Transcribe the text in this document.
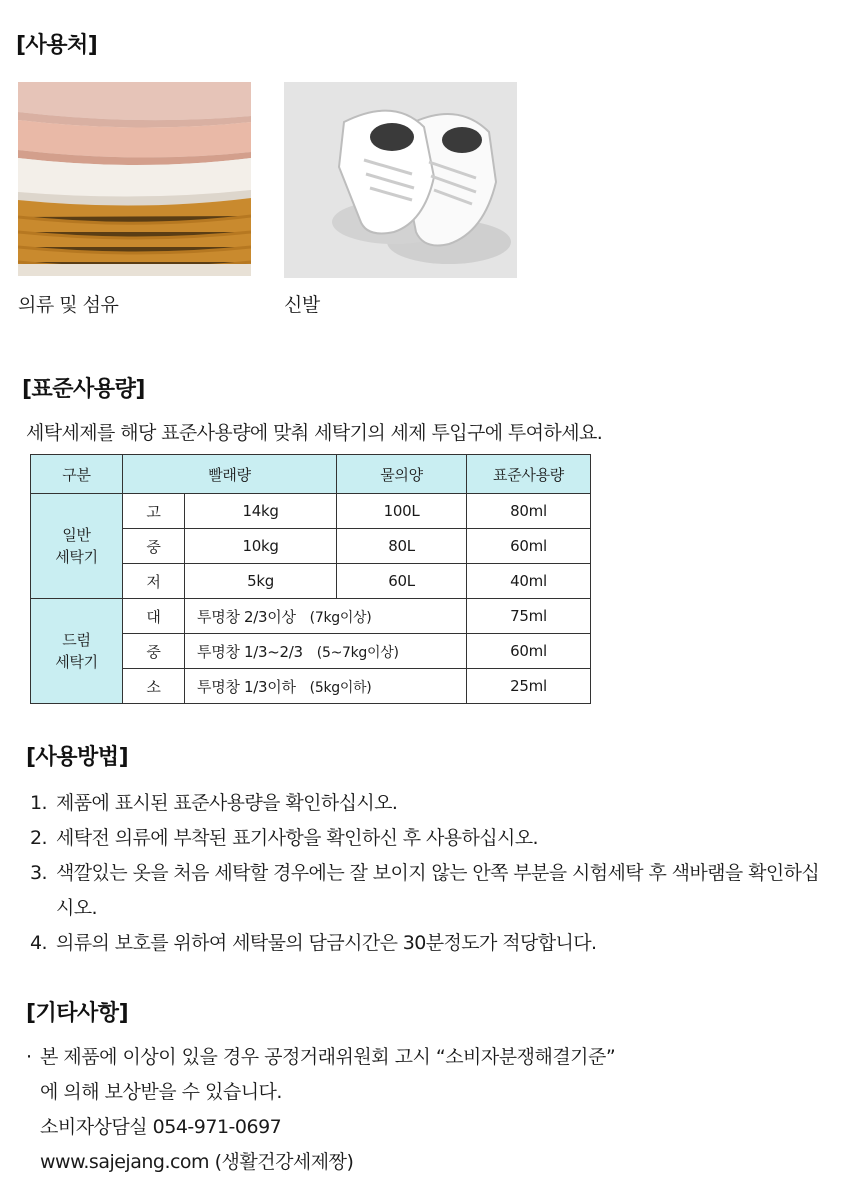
[사용처]
의류 및 섬유	신발
[표준사용량]
세탁세제를 해당 표준사용량에 맞춰 세탁기의 세제 투입구에 투여하세요.
구분	빨래량		물의양	표준사용량
일반
세탁기	고	14kg	100L	80ml
	중	10kg	80L	60ml
	저	5kg	60L	40ml
드럼
세탁기	대	투명창 2/3이상 (7kg이상)		75ml
	중	투명창 1/3~2/3 (5~7kg이상)		60ml
	소	투명창 1/3이하 (5kg이하)		25ml
[사용방법]
1. 제품에 표시된 표준사용량을 확인하십시오.
2. 세탁전 의류에 부착된 표기사항을 확인하신 후 사용하십시오.
3. 색깔있는 옷을 처음 세탁할 경우에는 잘 보이지 않는 안쪽 부분을 시험세탁 후 색바램을 확인하십시오.
4. 의류의 보호를 위하여 세탁물의 담금시간은 30분정도가 적당합니다.
[기타사항]
· 본 제품에 이상이 있을 경우 공정거래위원회 고시 “소비자분쟁해결기준”
에 의해 보상받을 수 있습니다.
소비자상담실 054-971-0697
www.sajejang.com (생활건강세제짱)
